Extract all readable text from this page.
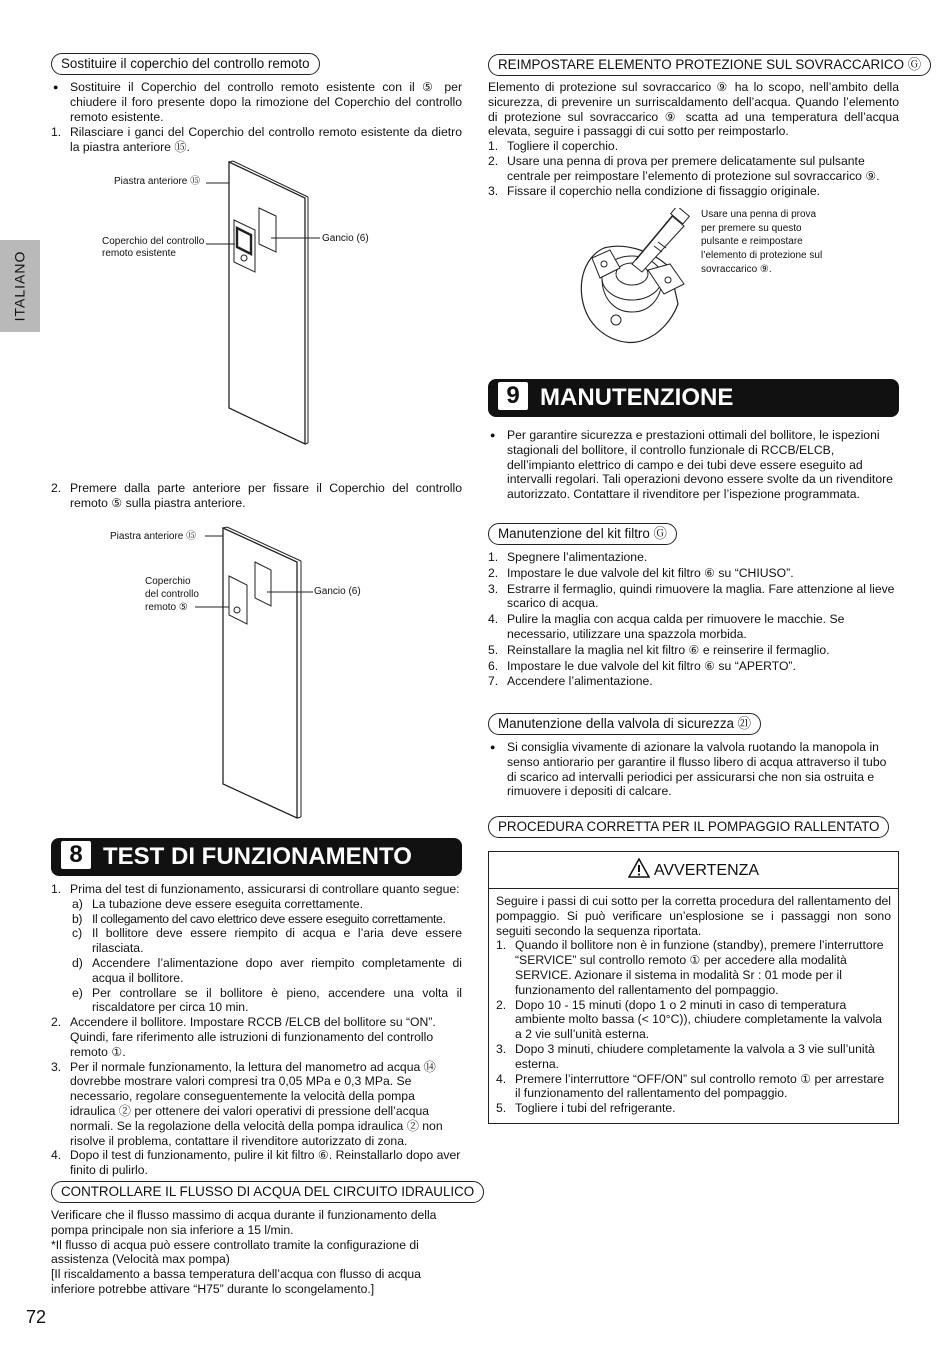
ITALIANO
Sostituire il coperchio del controllo remoto
● Sostituire il Coperchio del controllo remoto esistente con il ⑤ per chiudere il foro presente dopo la rimozione del Coperchio del controllo remoto esistente.

1. Rilasciare i ganci del Coperchio del controllo remoto esistente da dietro la piastra anteriore ⑮.

Piastra anteriore ⑮
Coperchio del controllo
remoto esistente
Gancio (6)
2. Premere dalla parte anteriore per fissare il Coperchio del controllo remoto ⑤ sulla piastra anteriore.

Piastra anteriore ⑮
Coperchio
del controllo
remoto ⑤
Gancio (6)
8 TEST DI FUNZIONAMENTO
1. Prima del test di funzionamento, assicurarsi di controllare quanto segue:

a) La tubazione deve essere eseguita correttamente.

b) Il collegamento del cavo elettrico deve essere eseguito correttamente.

c) Il bollitore deve essere riempito di acqua e l’aria deve essere rilasciata.

d) Accendere l’alimentazione dopo aver riempito completamente di acqua il bollitore.

e) Per controllare se il bollitore è pieno, accendere una volta il riscaldatore per circa 10 min.

2. Accendere il bollitore. Impostare RCCB /ELCB del bollitore su “ON”. Quindi, fare riferimento alle istruzioni di funzionamento del controllo remoto ①.

3. Per il normale funzionamento, la lettura del manometro ad acqua ⑭ dovrebbe mostrare valori compresi tra 0,05 MPa e 0,3 MPa. Se necessario, regolare conseguentemente la velocità della pompa idraulica ② per ottenere dei valori operativi di pressione dell’acqua normali. Se la regolazione della velocità della pompa idraulica ② non risolve il problema, contattare il rivenditore autorizzato di zona.

4. Dopo il test di funzionamento, pulire il kit filtro ⑥. Reinstallarlo dopo aver finito di pulirlo.

CONTROLLARE IL FLUSSO DI ACQUA DEL CIRCUITO IDRAULICO

Verificare che il flusso massimo di acqua durante il funzionamento della pompa principale non sia inferiore a 15 l/min.

*Il flusso di acqua può essere controllato tramite la configurazione di assistenza (Velocità max pompa)

[Il riscaldamento a bassa temperatura dell’acqua con flusso di acqua inferiore potrebbe attivare “H75” durante lo scongelamento.]

72
REIMPOSTARE ELEMENTO PROTEZIONE SUL SOVRACCARICO Ⓖ

Elemento di protezione sul sovraccarico ⑨ ha lo scopo, nell’ambito della sicurezza, di prevenire un surriscaldamento dell’acqua. Quando l’elemento di protezione sul sovraccarico ⑨ scatta ad una temperatura dell’acqua elevata, seguire i passaggi di cui sotto per reimpostarlo.

1. Togliere il coperchio.

2. Usare una penna di prova per premere delicatamente sul pulsante centrale per reimpostare l’elemento di protezione sul sovraccarico ⑨.

3. Fissare il coperchio nella condizione di fissaggio originale.

Usare una penna di prova

per premere su questo

pulsante e reimpostare

l’elemento di protezione sul

sovraccarico ⑨.

9 MANUTENZIONE
● Per garantire sicurezza e prestazioni ottimali del bollitore, le ispezioni stagionali del bollitore, il controllo funzionale di RCCB/ELCB, dell’impianto elettrico di campo e dei tubi deve essere eseguito ad intervalli regolari. Tali operazioni devono essere svolte da un rivenditore autorizzato. Contattare il rivenditore per l’ispezione programmata.

Manutenzione del kit filtro Ⓖ
1. Spegnere l’alimentazione.

2. Impostare le due valvole del kit filtro ⑥ su “CHIUSO”.

3. Estrarre il fermaglio, quindi rimuovere la maglia. Fare attenzione al lieve scarico di acqua.

4. Pulire la maglia con acqua calda per rimuovere le macchie. Se necessario, utilizzare una spazzola morbida.

5. Reinstallare la maglia nel kit filtro ⑥ e reinserire il fermaglio.

6. Impostare le due valvole del kit filtro ⑥ su “APERTO”.

7. Accendere l’alimentazione.

Manutenzione della valvola di sicurezza ㉑
● Si consiglia vivamente di azionare la valvola ruotando la manopola in senso antiorario per garantire il flusso libero di acqua attraverso il tubo di scarico ad intervalli periodici per assicurarsi che non sia ostruita e rimuovere i depositi di calcare.

PROCEDURA CORRETTA PER IL POMPAGGIO RALLENTATO
AVVERTENZA

Seguire i passi di cui sotto per la corretta procedura del rallentamento del pompaggio. Si può verificare un’esplosione se i passaggi non sono seguiti secondo la sequenza riportata.

1. Quando il bollitore non è in funzione (standby), premere l’interruttore “SERVICE” sul controllo remoto ① per accedere alla modalità SERVICE. Azionare il sistema in modalità Sr : 01 mode per il funzionamento del rallentamento del pompaggio.

2. Dopo 10 - 15 minuti (dopo 1 o 2 minuti in caso di temperatura ambiente molto bassa (< 10°C)), chiudere completamente la valvola a 2 vie sull’unità esterna.

3. Dopo 3 minuti, chiudere completamente la valvola a 3 vie sull’unità esterna.

4. Premere l’interruttore “OFF/ON” sul controllo remoto ① per arrestare il funzionamento del rallentamento del pompaggio.

5. Togliere i tubi del refrigerante.
